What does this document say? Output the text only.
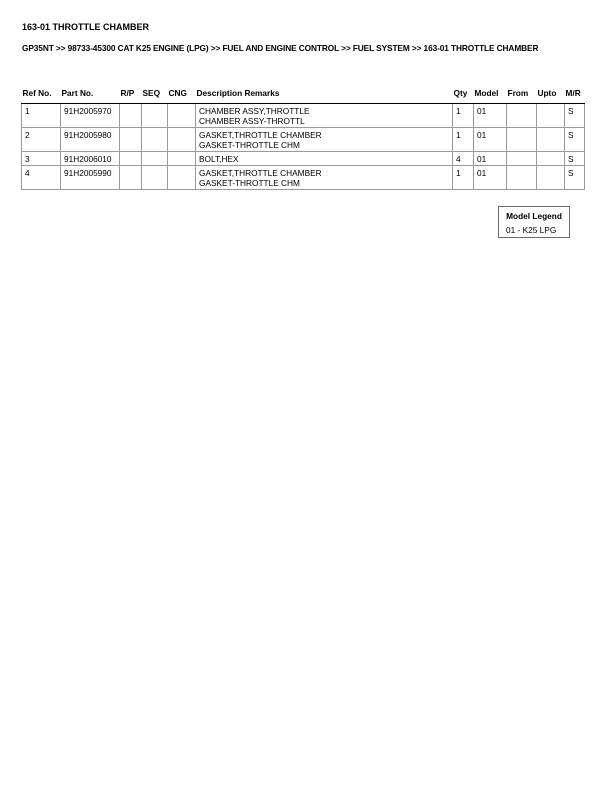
163-01 THROTTLE CHAMBER
GP35NT >> 98733-45300 CAT K25 ENGINE (LPG) >> FUEL AND ENGINE CONTROL >> FUEL SYSTEM >> 163-01 THROTTLE CHAMBER
Ref No.	Part No.	R/P	SEQ	CNG	Description Remarks	Qty	Model	From	Upto	M/R
1	91H2005970				CHAMBER ASSY,THROTTLE
CHAMBER ASSY-THROTTL	1	01			S
2	91H2005980				GASKET,THROTTLE CHAMBER
GASKET-THROTTLE CHM	1	01			S
3	91H2006010				BOLT,HEX	4	01			S
4	91H2005990				GASKET,THROTTLE CHAMBER
GASKET-THROTTLE CHM	1	01			S
Model Legend
01 - K25 LPG
